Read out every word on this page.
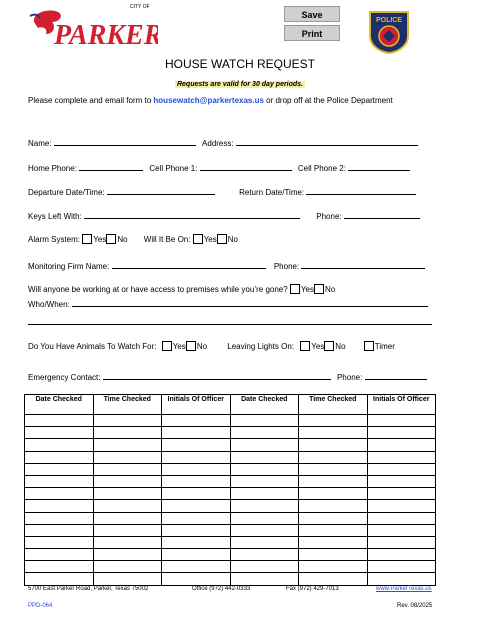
PARKER
CITY OF
Save
Print
POLICE
HOUSE WATCH REQUEST
Requests are valid for 30 day periods.
Please complete and email form to housewatch@parkertexas.us or drop off at the Police Department
Name:	Address:
Home Phone:	Cell Phone 1:	Cell Phone 2:
Departure Date/Time:	Return Date/Time:
Keys Left With:	Phone:
Alarm System: Yes No Will It Be On: Yes No
Monitoring Firm Name:	Phone:
Will anyone be working at or have access to premises while you’re gone? Yes No
Who/When:
Do You Have Animals To Watch For: Yes No	Leaving Lights On: Yes No	Timer
Emergency Contact:	Phone:
Date Checked	Time Checked	Initials Of Officer	Date Checked	Time Checked	Initials Of Officer

5700 East Parker Road, Parker, Texas 75002	Office (972) 442-0333	Fax (972) 429-7013	www.ParkerTexas.us
PPD-064	Rev. 08/2025
